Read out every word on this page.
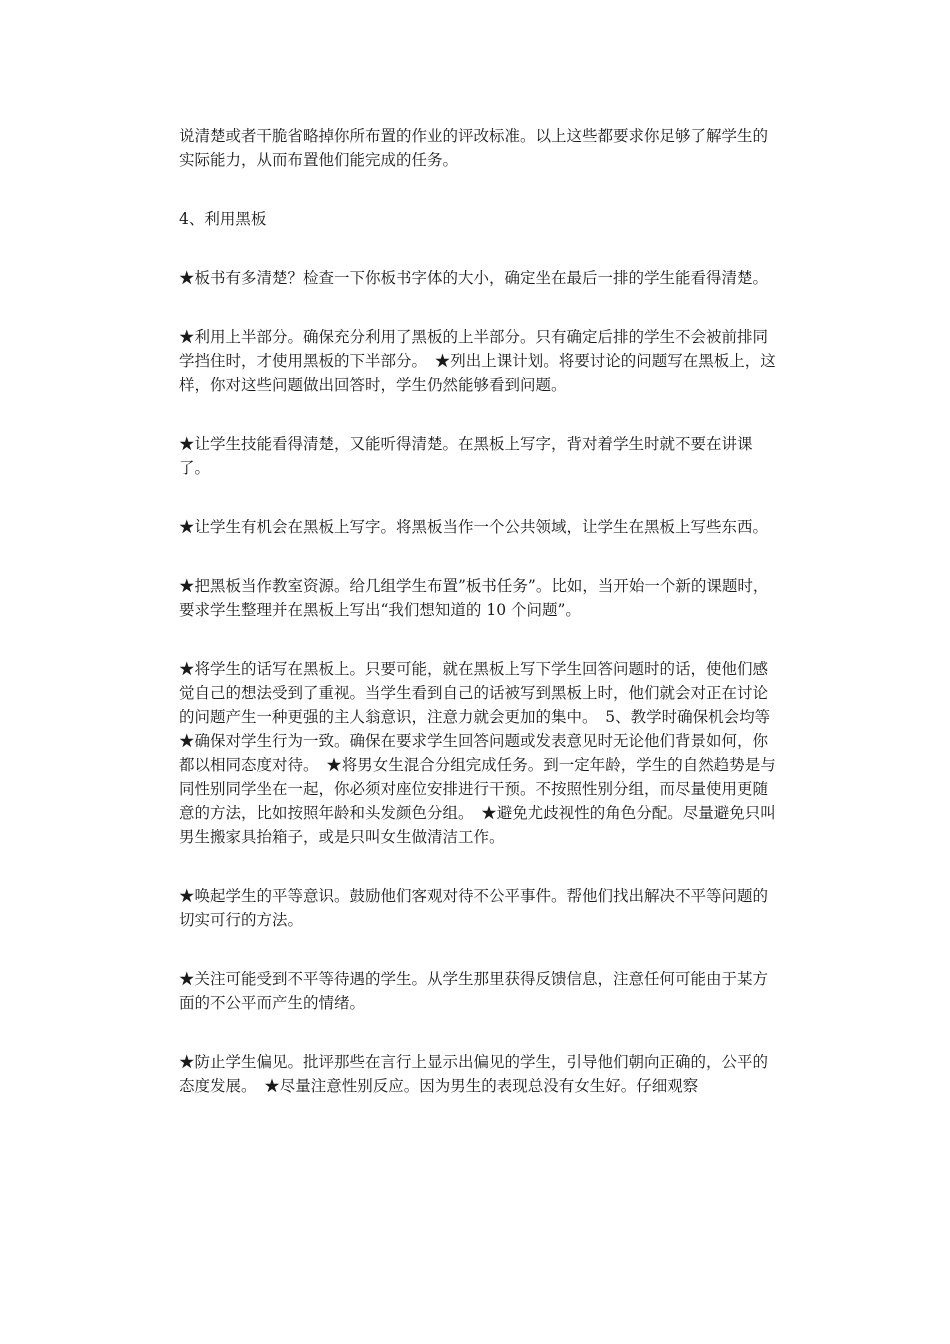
说清楚或者干脆省略掉你所布置的作业的评改标准。以上这些都要求你足够了解学生的实际能力，从而布置他们能完成的任务。

4、利用黑板

★板书有多清楚？检查一下你板书字体的大小，确定坐在最后一排的学生能看得清楚。

★利用上半部分。确保充分利用了黑板的上半部分。只有确定后排的学生不会被前排同学挡住时，才使用黑板的下半部分。　★列出上课计划。将要讨论的问题写在黑板上，这样，你对这些问题做出回答时，学生仍然能够看到问题。

★让学生技能看得清楚，又能听得清楚。在黑板上写字，背对着学生时就不要在讲课了。

★让学生有机会在黑板上写字。将黑板当作一个公共领域，让学生在黑板上写些东西。

★把黑板当作教室资源。给几组学生布置”板书任务”。比如，当开始一个新的课题时，要求学生整理并在黑板上写出“我们想知道的 10 个问题”。

★将学生的话写在黑板上。只要可能，就在黑板上写下学生回答问题时的话，使他们感觉自己的想法受到了重视。当学生看到自己的话被写到黑板上时，他们就会对正在讨论的问题产生一种更强的主人翁意识，注意力就会更加的集中。　5、教学时确保机会均等　★确保对学生行为一致。确保在要求学生回答问题或发表意见时无论他们背景如何，你都以相同态度对待。　★将男女生混合分组完成任务。到一定年龄，学生的自然趋势是与同性别同学坐在一起，你必须对座位安排进行干预。不按照性别分组，而尽量使用更随意的方法，比如按照年龄和头发颜色分组。　★避免尤歧视性的角色分配。尽量避免只叫男生搬家具抬箱子，或是只叫女生做清洁工作。

★唤起学生的平等意识。鼓励他们客观对待不公平事件。帮他们找出解决不平等问题的切实可行的方法。

★关注可能受到不平等待遇的学生。从学生那里获得反馈信息，注意任何可能由于某方面的不公平而产生的情绪。

★防止学生偏见。批评那些在言行上显示出偏见的学生，引导他们朝向正确的，公平的态度发展。　★尽量注意性别反应。因为男生的表现总没有女生好。仔细观察
